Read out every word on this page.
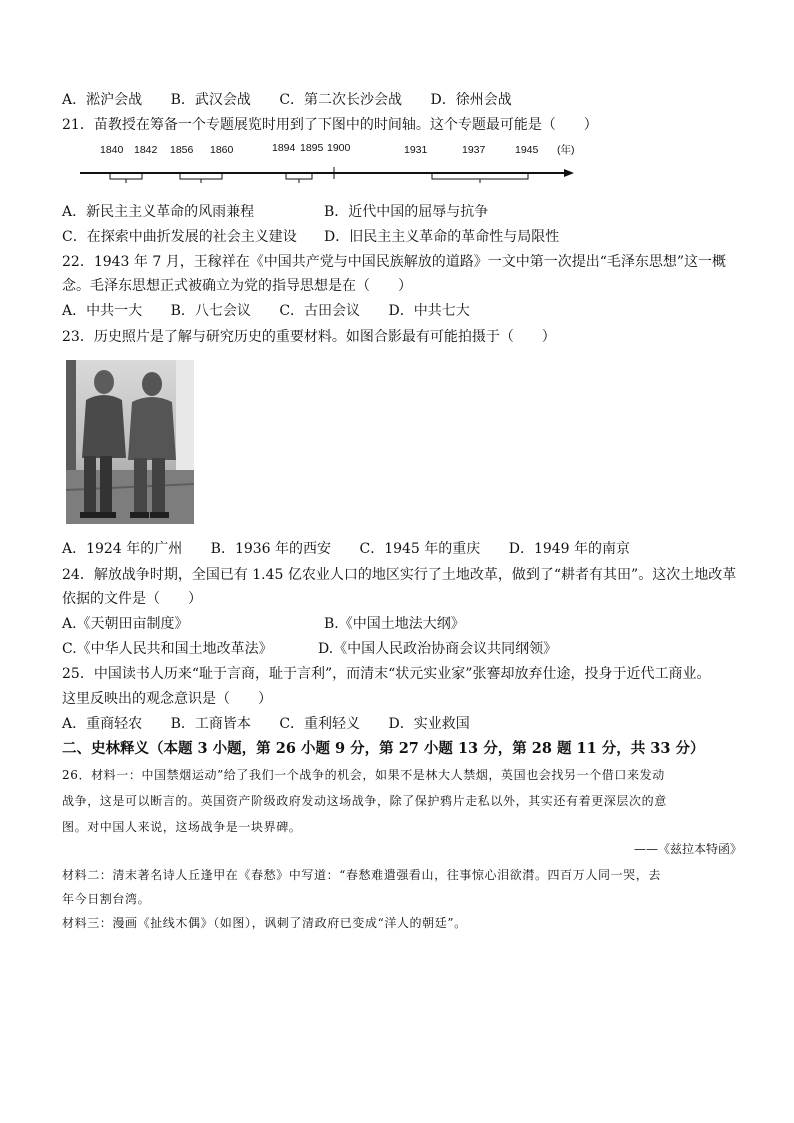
A．淞沪会战 B．武汉会战 C．第二次长沙会战 D．徐州会战
21．苗教授在筹备一个专题展览时用到了下图中的时间轴。这个专题最可能是（　　）
1840 1842 1856 1860	1894 1895 1900	1931	1937	1945 (年)
A．新民主主义革命的风雨兼程	B．近代中国的屈辱与抗争
C．在探索中曲折发展的社会主义建设 D．旧民主主义革命的革命性与局限性
22．1943 年 7 月，王稼祥在《中国共产党与中国民族解放的道路》一文中第一次提出“毛泽东思想”这一概
念。毛泽东思想正式被确立为党的指导思想是在（　　）
A．中共一大 B．八七会议 C．古田会议 D．中共七大
23．历史照片是了解与研究历史的重要材料。如图合影最有可能拍摄于（　　）
A．1924 年的广州 B．1936 年的西安 C．1945 年的重庆 D．1949 年的南京
24．解放战争时期，全国已有 1.45 亿农业人口的地区实行了土地改革，做到了“耕者有其田”。这次土地改革
依据的文件是（　　）
A.《天朝田亩制度》	B.《中国土地法大纲》
C.《中华人民共和国土地改革法》	D.《中国人民政治协商会议共同纲领》
25．中国读书人历来“耻于言商，耻于言利”，而清末“状元实业家”张謇却放弃仕途，投身于近代工商业。
这里反映出的观念意识是（　　）
A．重商轻农 B．工商皆本 C．重利轻义 D．实业救国
二、史林释义（本题 3 小题，第 26 小题 9 分，第 27 小题 13 分，第 28 题 11 分，共 33 分）
26．材料一：中国禁烟运动”给了我们一个战争的机会，如果不是林大人禁烟，英国也会找另一个借口来发动
战争，这是可以断言的。英国资产阶级政府发动这场战争，除了保护鸦片走私以外，其实还有着更深层次的意
图。对中国人来说，这场战争是一块界碑。
——《兹拉本特函》
材料二：清末著名诗人丘逢甲在《春愁》中写道：“春愁难遣强看山，往事惊心泪欲潸。四百万人同一哭，去
年今日割台湾。
材料三：漫画《扯线木偶》（如图），讽刺了清政府已变成“洋人的朝廷”。
